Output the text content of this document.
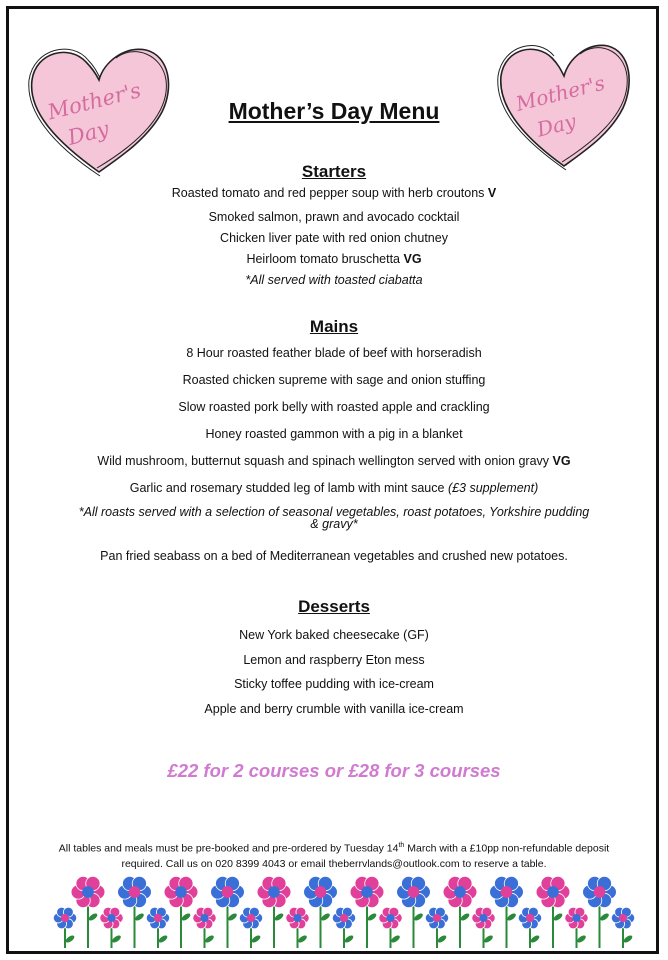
Mother's
Day
Mother's
Day
Mother’s Day Menu
Starters
Roasted tomato and red pepper soup with herb croutons V
Smoked salmon, prawn and avocado cocktail
Chicken liver pate with red onion chutney
Heirloom tomato bruschetta VG
*All served with toasted ciabatta
Mains
8 Hour roasted feather blade of beef with horseradish
Roasted chicken supreme with sage and onion stuffing
Slow roasted pork belly with roasted apple and crackling
Honey roasted gammon with a pig in a blanket
Wild mushroom, butternut squash and spinach wellington served with onion gravy VG
Garlic and rosemary studded leg of lamb with mint sauce (£3 supplement)
*All roasts served with a selection of seasonal vegetables, roast potatoes, Yorkshire pudding
& gravy*
Pan fried seabass on a bed of Mediterranean vegetables and crushed new potatoes.
Desserts
New York baked cheesecake (GF)
Lemon and raspberry Eton mess
Sticky toffee pudding with ice-cream
Apple and berry crumble with vanilla ice-cream
£22 for 2 courses or £28 for 3 courses
All tables and meals must be pre-booked and pre-ordered by Tuesday 14th March with a £10pp non-refundable deposit
required. Call us on 020 8399 4043 or email theberrvlands@outlook.com to reserve a table.
